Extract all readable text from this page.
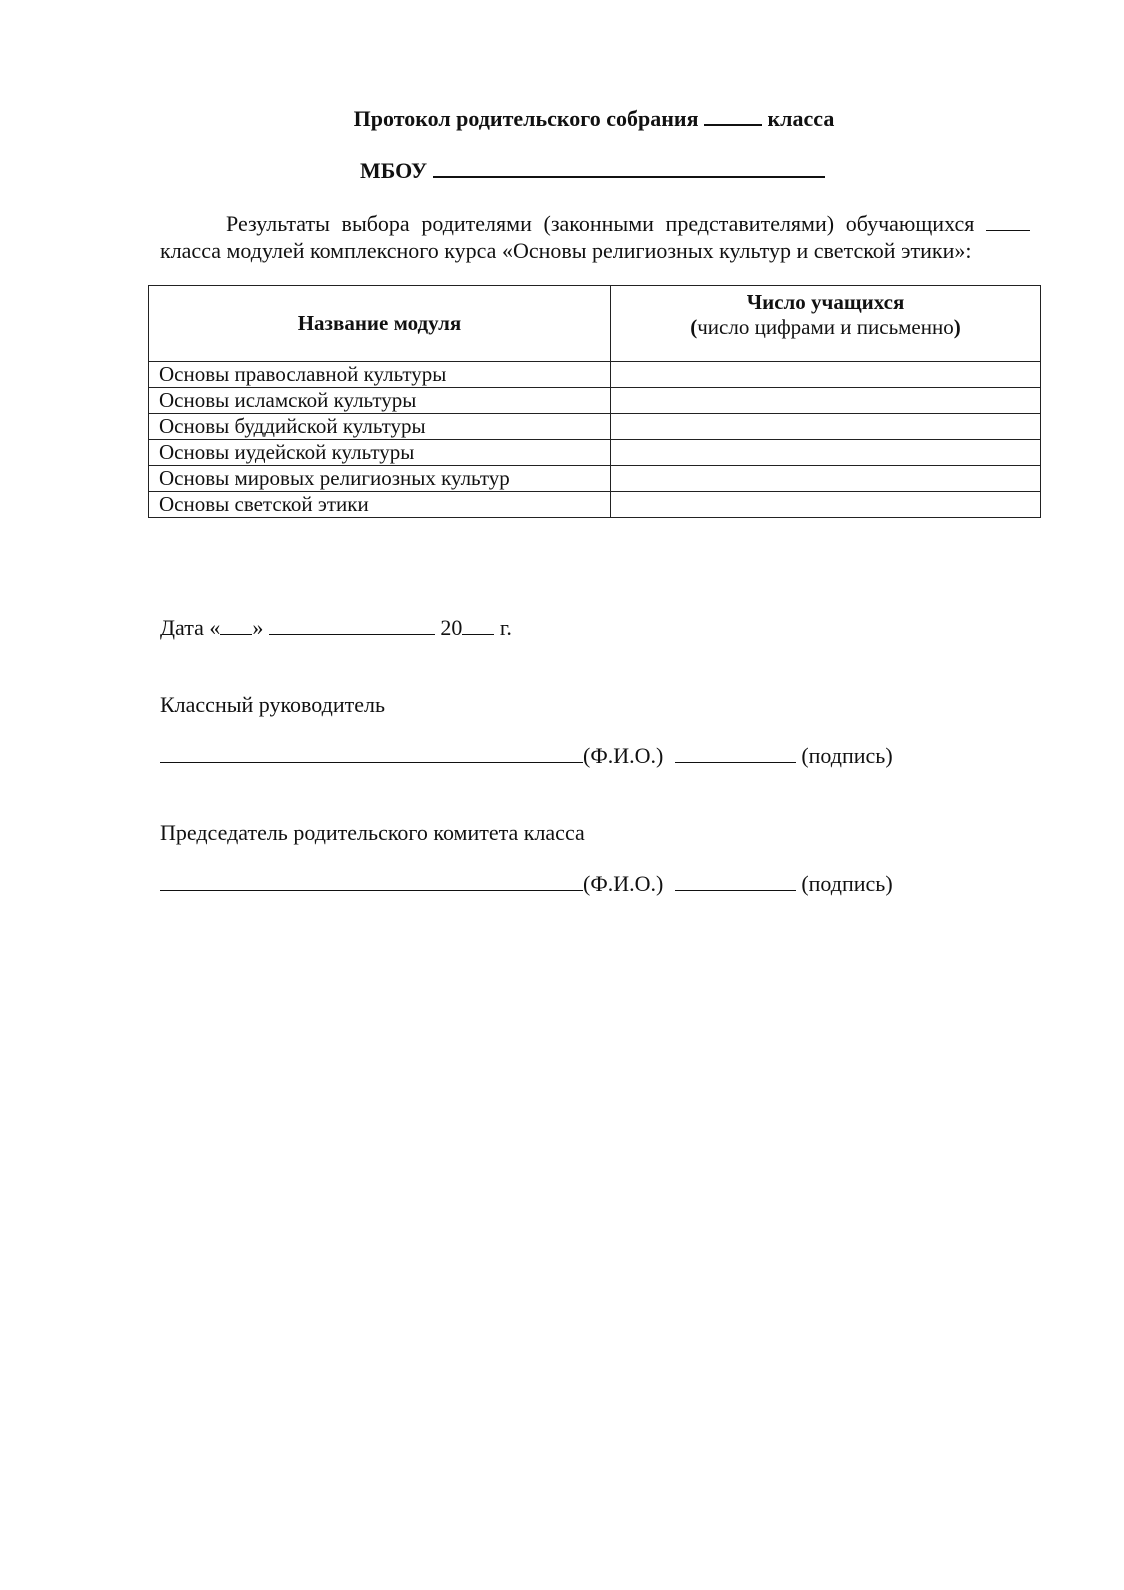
Протокол родительского собрания	класса
МБОУ
Результаты выбора родителями (законными представителями) обучающихся  класса модулей комплексного курса «Основы религиозных культур и светской этики»:
Название модуля	Число учащихся
(число цифрами и письменно)

Основы православной культуры	
Основы исламской культуры	
Основы буддийской культуры	
Основы иудейской культуры	
Основы мировых религиозных культур	
Основы светской этики	
Дата « »	20 г.
Классный руководитель
(Ф.И.О.)	(подпись)
Председатель родительского комитета класса
(Ф.И.О.)	(подпись)
